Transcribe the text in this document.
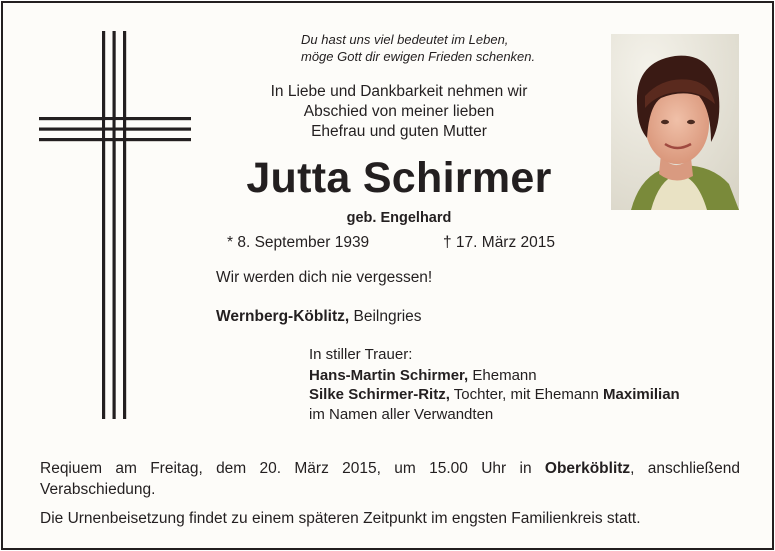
Du hast uns viel bedeutet im Leben,
möge Gott dir ewigen Frieden schenken.
In Liebe und Dankbarkeit nehmen wir
Abschied von meiner lieben
Ehefrau und guten Mutter
Jutta Schirmer
geb. Engelhard
* 8. September 1939	† 17. März 2015
Wir werden dich nie vergessen!
Wernberg-Köblitz, Beilngries
In stiller Trauer:
Hans-Martin Schirmer, Ehemann
Silke Schirmer-Ritz, Tochter, mit Ehemann Maximilian
im Namen aller Verwandten

Reqiuem am Freitag, dem 20. März 2015, um 15.00 Uhr in Oberköblitz, anschließend

Verabschiedung.

Die Urnenbeisetzung findet zu einem späteren Zeitpunkt im engsten Familienkreis statt.
